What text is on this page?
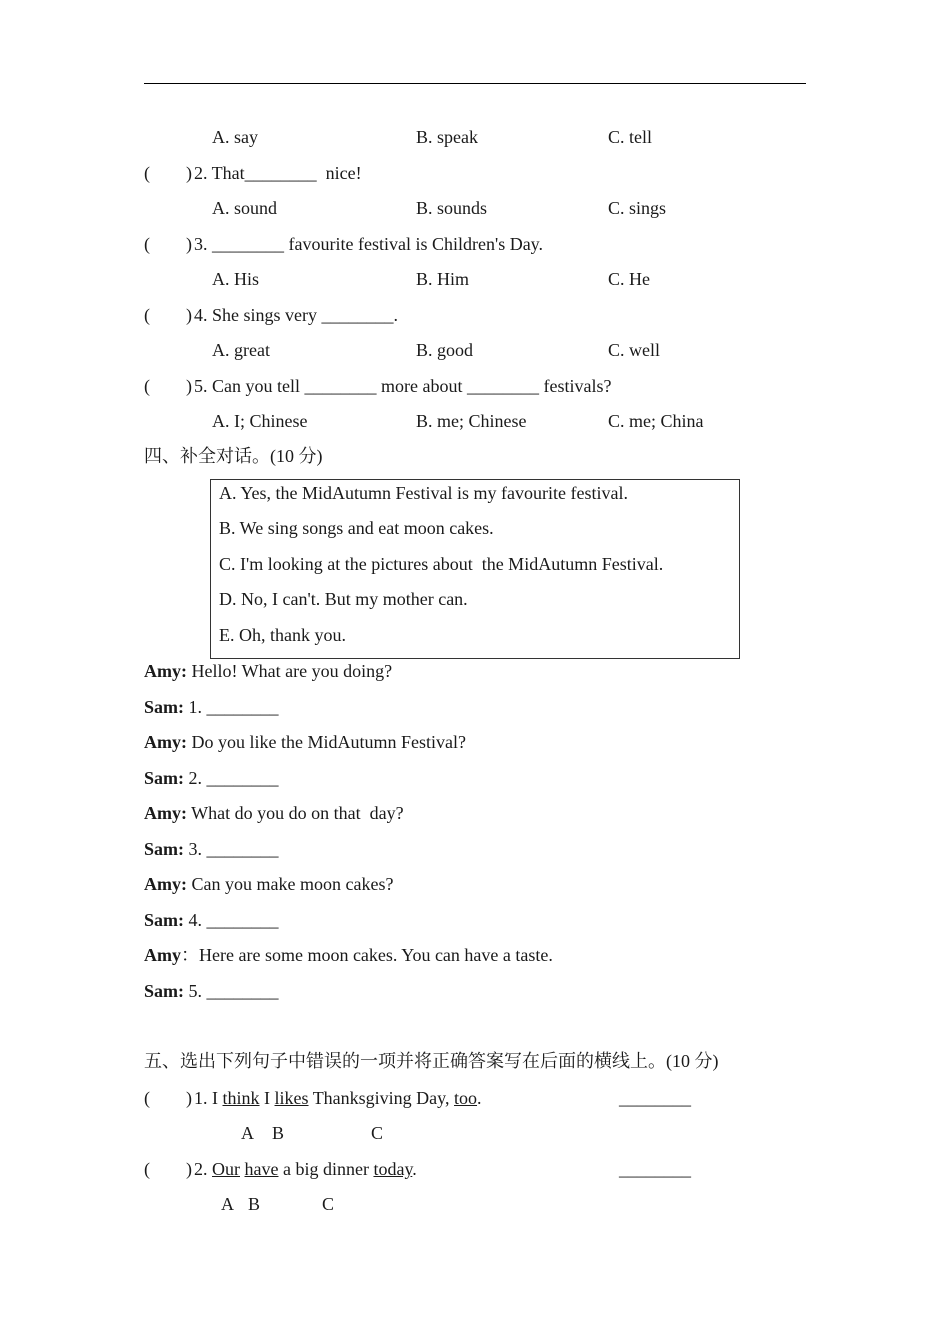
A. say	B. speak	C. tell
(        ) 2. That________  nice!
A. sound	B. sounds	C. sings
(        ) 3. ________ favourite festival is Children's Day.
A. His	B. Him	C. He
(        ) 4. She sings very ________.
A. great	B. good	C. well
(        ) 5. Can you tell ________ more about ________ festivals?
A. I; Chinese	B. me; Chinese	C. me; China
四、补全对话。(10 分)
A. Yes, the MidAutumn Festival is my favourite festival.
B. We sing songs and eat moon cakes.
C. I'm looking at the pictures about  the MidAutumn Festival.
D. No, I can't. But my mother can.
E. Oh, thank you.
Amy: Hello! What are you doing?
Sam: 1. ________
Amy: Do you like the MidAutumn Festival?
Sam: 2. ________
Amy: What do you do on that  day?
Sam: 3. ________
Amy: Can you make moon cakes?
Sam: 4. ________
Amy：Here are some moon cakes. You can have a taste.
Sam: 5. ________
五、选出下列句子中错误的一项并将正确答案写在后面的横线上。(10 分)
(        ) 1. I think I likes Thanksgiving Day, too.	________
A B	C
(        ) 2. Our have a big dinner today.	________
A B	C
